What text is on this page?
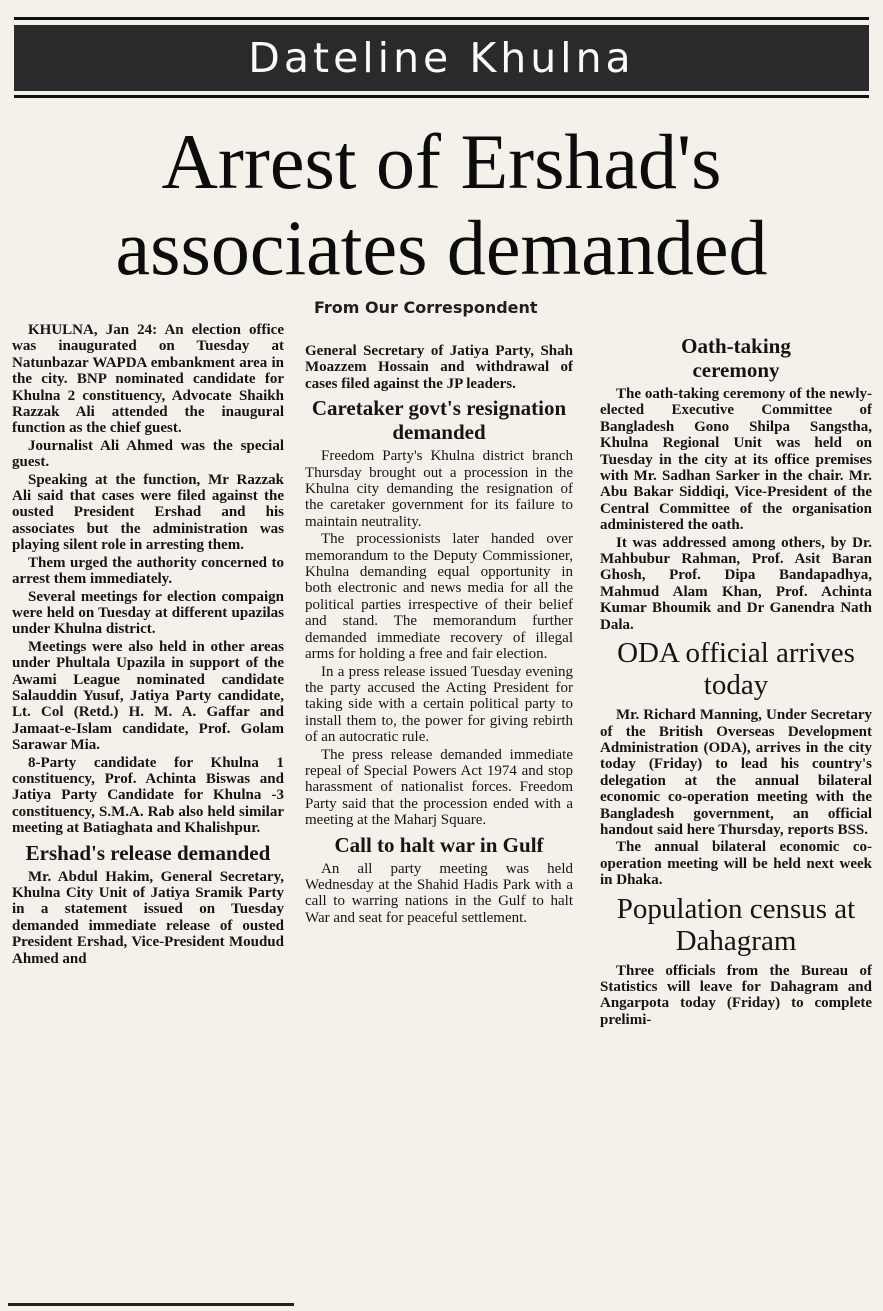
Dateline Khulna
Arrest of Ershad's
associates demanded
From Our Correspondent

KHULNA, Jan 24: An election office was inaugurated on Tuesday at Natunbazar WAPDA embankment area in the city. BNP nominated candidate for Khulna 2 constituency, Advocate Shaikh Razzak Ali attended the inaugural function as the chief guest.

Journalist Ali Ahmed was the special guest.

Speaking at the function, Mr Razzak Ali said that cases were filed against the ousted President Ershad and his associates but the administration was playing silent role in arresting them.

Them urged the authority concerned to arrest them immediately.

Several meetings for election compaign were held on Tuesday at different upazilas under Khulna district.

Meetings were also held in other areas under Phultala Upazila in support of the Awami League nominated candidate Salauddin Yusuf, Jatiya Party candidate, Lt. Col (Retd.) H. M. A. Gaffar and Jamaat-e-Islam candidate, Prof. Golam Sarawar Mia.

8-Party candidate for Khulna 1 constituency, Prof. Achinta Biswas and Jatiya Party Candidate for Khulna -3 constituency, S.M.A. Rab also held similar meeting at Batiaghata and Khalishpur.

Ershad's release demanded

Mr. Abdul Hakim, General Secretary, Khulna City Unit of Jatiya Sramik Party in a statement issued on Tuesday demanded immediate release of ousted President Ershad, Vice-President Moudud Ahmed and

General Secretary of Jatiya Party, Shah Moazzem Hossain and withdrawal of cases filed against the JP leaders.

Caretaker govt's resignation demanded

Freedom Party's Khulna district branch Thursday brought out a procession in the Khulna city demanding the resignation of the caretaker government for its failure to maintain neutrality.

The processionists later handed over memorandum to the Deputy Commissioner, Khulna demanding equal opportunity in both electronic and news media for all the political parties irrespective of their belief and stand. The memorandum further demanded immediate recovery of illegal arms for holding a free and fair election.

In a press release issued Tuesday evening the party accused the Acting President for taking side with a certain political party to install them to, the power for giving rebirth of an autocratic rule.

The press release demanded immediate repeal of Special Powers Act 1974 and stop harassment of nationalist forces. Freedom Party said that the procession ended with a meeting at the Maharj Square.

Call to halt war in Gulf

An all party meeting was held Wednesday at the Shahid Hadis Park with a call to warring nations in the Gulf to halt War and seat for peaceful settlement.

Oath-taking ceremony

The oath-taking ceremony of the newly-elected Executive Committee of Bangladesh Gono Shilpa Sangstha, Khulna Regional Unit was held on Tuesday in the city at its office premises with Mr. Sadhan Sarker in the chair. Mr. Abu Bakar Siddiqi, Vice-President of the Central Committee of the organisation administered the oath.

It was addressed among others, by Dr. Mahbubur Rahman, Prof. Asit Baran Ghosh, Prof. Dipa Bandapadhya, Mahmud Alam Khan, Prof. Achinta Kumar Bhoumik and Dr Ganendra Nath Dala.

ODA official arrives today

Mr. Richard Manning, Under Secretary of the British Overseas Development Administration (ODA), arrives in the city today (Friday) to lead his country's delegation at the annual bilateral economic co-operation meeting with the Bangladesh government, an official handout said here Thursday, reports BSS.

The annual bilateral economic co-operation meeting will be held next week in Dhaka.

Population census at Dahagram

Three officials from the Bureau of Statistics will leave for Dahagram and Angarpota today (Friday) to complete prelimi-
